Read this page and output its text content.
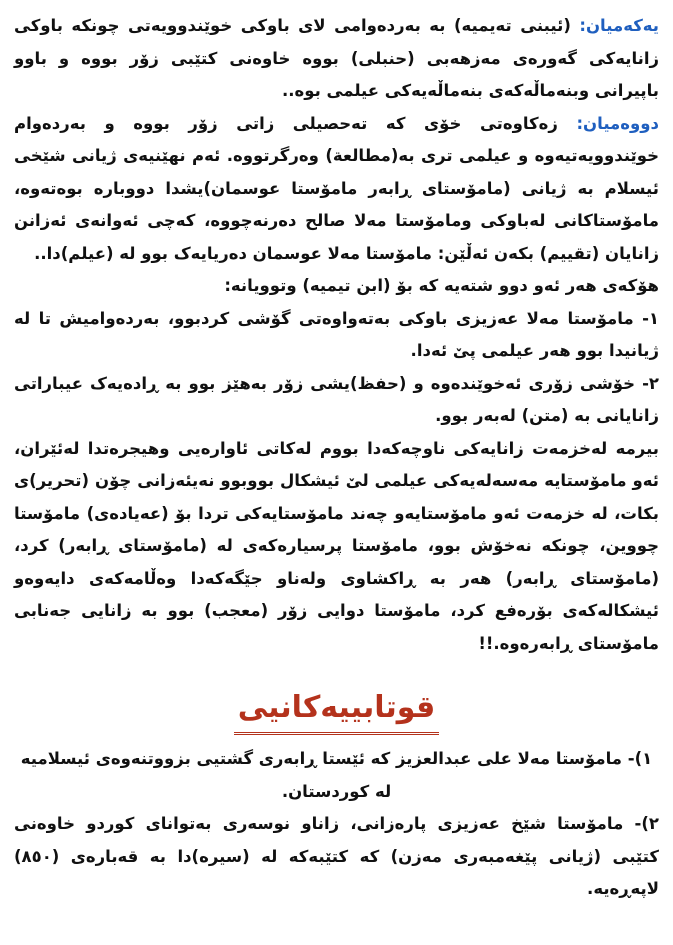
یەکەمیان: (ئیبنی تەیمیە) بە بەردەوامی لای باوکی خوێندوویەتی چونکە باوکی زانایەکی گەورەی مەزهەبی (حنبلی) بووە خاوەنی کتێبی زۆر بووە و باوو باپیرانی وبنەماڵەکەی بنەماڵەیەکی عیلمی بوە..

دووەمیان: زەکاوەتی خۆی کە تەحصیلی زاتی زۆر بووە و بەردەوام خوێندوویەتیەوە و عیلمی تری بە(مطالعة) وەرگرتووە. ئەم نهێنیەی ژیانی شێخی ئیسلام بە ژیانی (مامۆستای ڕابەر مامۆستا عوسمان)یشدا دووبارە بوەتەوە، مامۆستاکانی لەباوکی ومامۆستا مەلا صالح دەرنەچووە، کەچی ئەوانەی ئەزانن زانایان (تقییم) بکەن ئەڵێن: مامۆستا مەلا عوسمان دەریایەک بوو لە (عیلم)دا..

هۆکەی هەر ئەو دوو شتەیە کە بۆ (ابن تیمیە) وتوویانە:

١- مامۆستا مەلا عەزیزی باوکی بەتەواوەتی گۆشی کردبوو، بەردەوامیش تا لە ژیانیدا بوو هەر عیلمی پێ ئەدا.

٢- خۆشی زۆری ئەخوێندەوە و (حفظ)یشی زۆر بەهێز بوو بە ڕادەیەک عیباراتی زانایانی بە (متن) لەبەر بوو.

بیرمە لەخزمەت زانایەکی ناوچەکەدا بووم لەکاتی ئاوارەیی وهیجرەتدا لەئێران، ئەو مامۆستایە مەسەلەیەکی عیلمی لێ ئیشکال بووبوو نەیئەزانی چۆن (تحریر)ی بکات، لە خزمەت ئەو مامۆستایەو چەند مامۆستایەکی تردا بۆ (عەیادەی) مامۆستا چووین، چونکە نەخۆش بوو، مامۆستا پرسیارەکەی لە (مامۆستای ڕابەر) کرد، (مامۆستای ڕابەر) هەر بە ڕاکشاوی ولەناو جێگەکەدا وەڵامەکەی دایەوەو ئیشکالەکەی بۆرەفع کرد، مامۆستا دوایی زۆر (معجب) بوو بە زانایی جەنابی مامۆستای ڕابەرەوە.!!

قوتابییەکانیی

١)- مامۆستا مەلا علی عبدالعزیز کە ئێستا ڕابەری گشتیی بزووتنەوەی ئیسلامیە لە کوردستان.

٢)- مامۆستا شێخ عەزیزی پارەزانی، زاناو نوسەری بەتوانای کوردو خاوەنی کتێبی (ژیانی پێغەمبەری مەزن) کە کتێبەکە لە (سیرە)دا بە قەبارەی (٨٥٠) لاپەڕەیە.
